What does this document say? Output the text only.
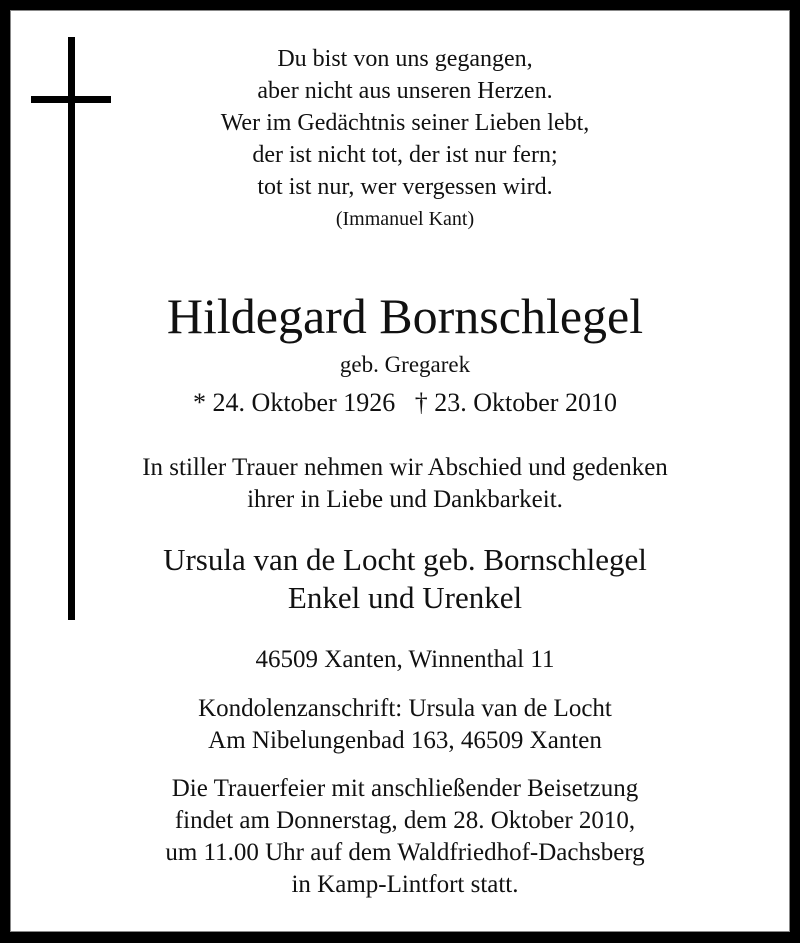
Du bist von uns gegangen,
aber nicht aus unseren Herzen.
Wer im Gedächtnis seiner Lieben lebt,
der ist nicht tot, der ist nur fern;
tot ist nur, wer vergessen wird.
(Immanuel Kant)
Hildegard Bornschlegel
geb. Gregarek
* 24. Oktober 1926   † 23. Oktober 2010
In stiller Trauer nehmen wir Abschied und gedenken
ihrer in Liebe und Dankbarkeit.
Ursula van de Locht geb. Bornschlegel
Enkel und Urenkel
46509 Xanten, Winnenthal 11
Kondolenzanschrift: Ursula van de Locht
Am Nibelungenbad 163, 46509 Xanten
Die Trauerfeier mit anschließender Beisetzung
findet am Donnerstag, dem 28. Oktober 2010,
um 11.00 Uhr auf dem Waldfriedhof-Dachsberg
in Kamp-Lintfort statt.
